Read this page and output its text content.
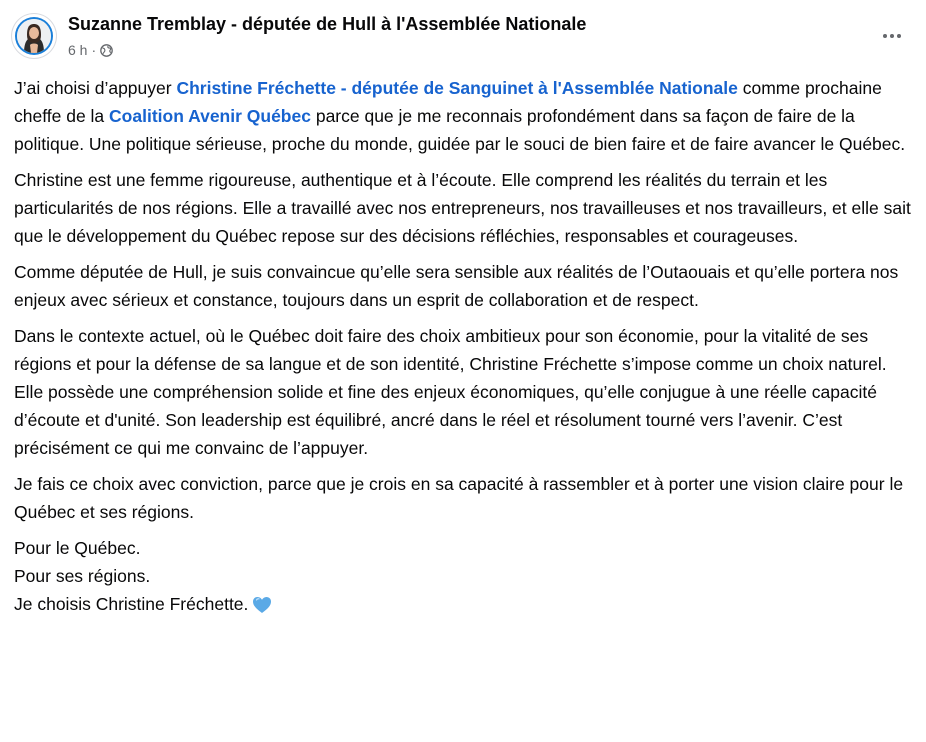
Suzanne Tremblay - députée de Hull à l'Assemblée Nationale
6 h ·

J’ai choisi d’appuyer Christine Fréchette - députée de Sanguinet à l'Assemblée Nationale comme prochaine cheffe de la Coalition Avenir Québec parce que je me reconnais profondément dans sa façon de faire de la politique. Une politique sérieuse, proche du monde, guidée par le souci de bien faire et de faire avancer le Québec.

Christine est une femme rigoureuse, authentique et à l’écoute. Elle comprend les réalités du terrain et les particularités de nos régions. Elle a travaillé avec nos entrepreneurs, nos travailleuses et nos travailleurs, et elle sait que le développement du Québec repose sur des décisions réfléchies, responsables et courageuses.

Comme députée de Hull, je suis convaincue qu’elle sera sensible aux réalités de l’Outaouais et qu’elle portera nos enjeux avec sérieux et constance, toujours dans un esprit de collaboration et de respect.

Dans le contexte actuel, où le Québec doit faire des choix ambitieux pour son économie, pour la vitalité de ses régions et pour la défense de sa langue et de son identité, Christine Fréchette s’impose comme un choix naturel. Elle possède une compréhension solide et fine des enjeux économiques, qu’elle conjugue à une réelle capacité d’écoute et d'unité. Son leadership est équilibré, ancré dans le réel et résolument tourné vers l’avenir. C’est précisément ce qui me convainc de l’appuyer.

Je fais ce choix avec conviction, parce que je crois en sa capacité à rassembler et à porter une vision claire pour le Québec et ses régions.

Pour le Québec.
Pour ses régions.
Je choisis Christine Fréchette.
